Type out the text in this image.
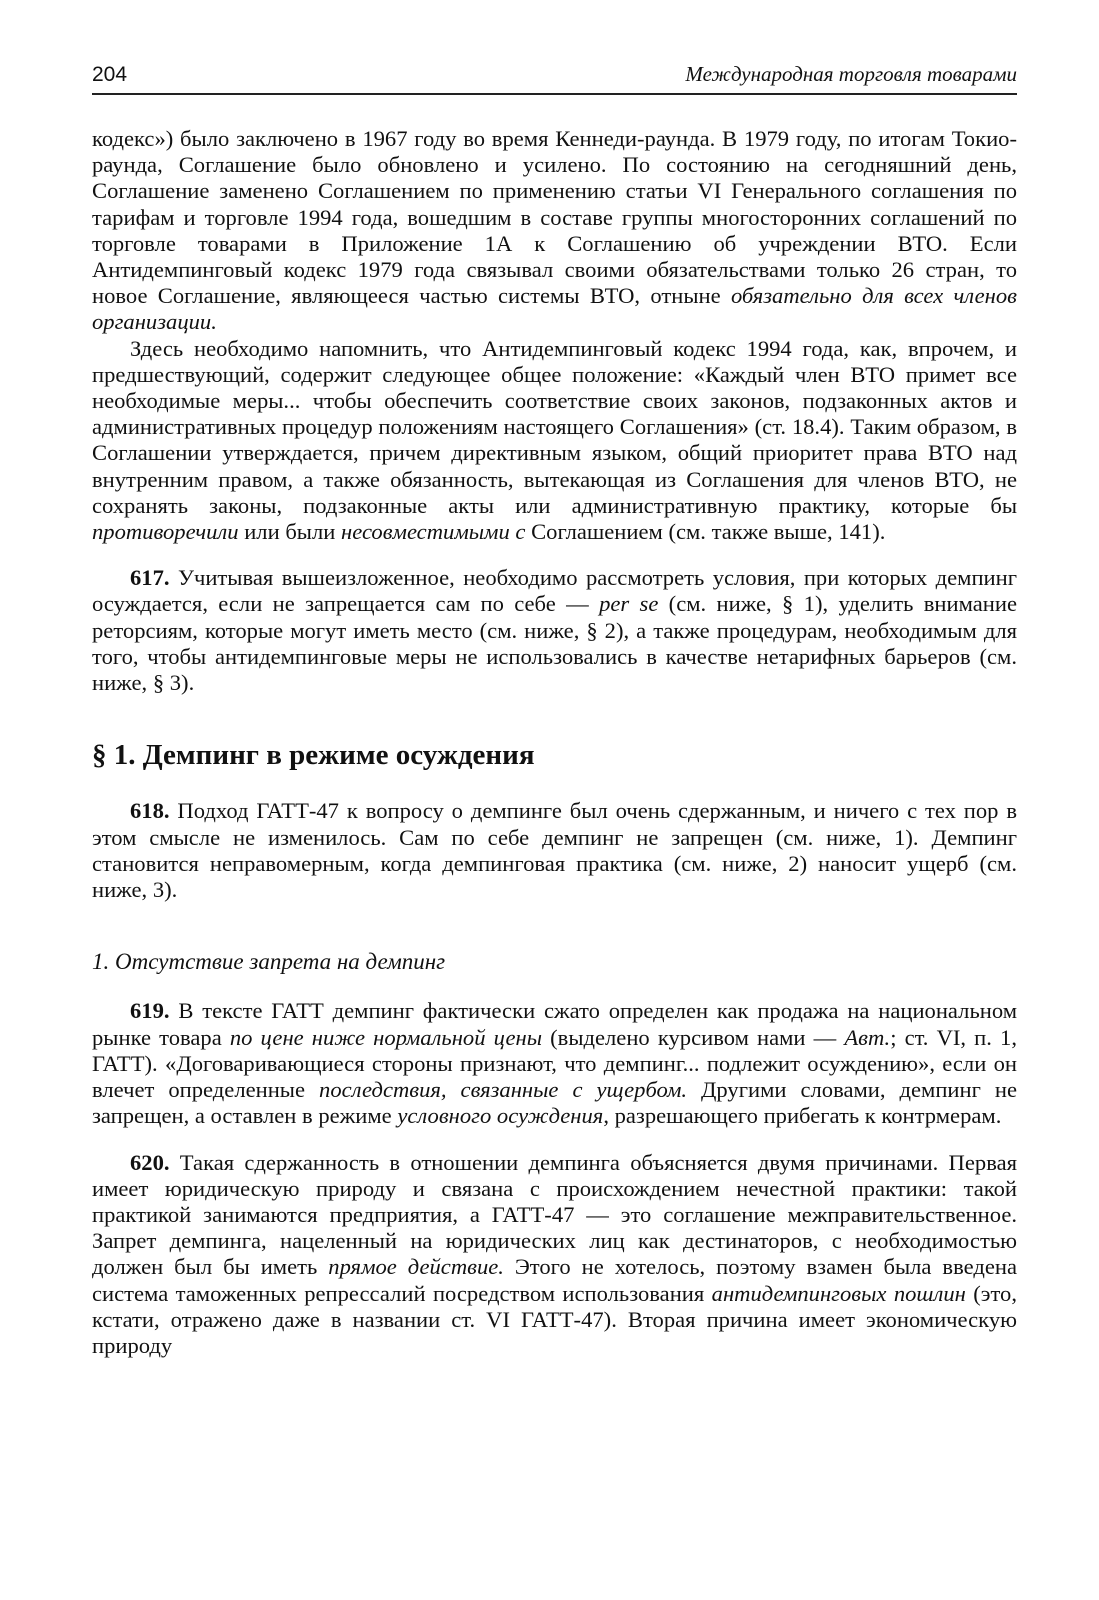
204	Международная торговля товарами

кодекс») было заключено в 1967 году во время Кеннеди-раунда. В 1979 году, по итогам Токио-раунда, Соглашение было обновлено и усилено. По состоянию на сегодняшний день, Соглашение заменено Соглашением по применению статьи VI Генерального соглашения по тарифам и торговле 1994 года, вошедшим в составе группы многосторонних соглашений по торговле товарами в Приложение 1А к Соглашению об учреждении ВТО. Если Антидемпинговый кодекс 1979 года связывал своими обязательствами только 26 стран, то новое Соглашение, являющееся частью системы ВТО, отныне обязательно для всех членов организации.

Здесь необходимо напомнить, что Антидемпинговый кодекс 1994 года, как, впрочем, и предшествующий, содержит следующее общее положение: «Каждый член ВТО примет все необходимые меры... чтобы обеспечить соответствие своих законов, подзаконных актов и административных процедур положениям настоящего Соглашения» (ст. 18.4). Таким образом, в Соглашении утверждается, причем директивным языком, общий приоритет права ВТО над внутренним правом, а также обязанность, вытекающая из Соглашения для членов ВТО, не сохранять законы, подзаконные акты или административную практику, которые бы противоречили или были несовместимыми с Соглашением (см. также выше, 141).

617. Учитывая вышеизложенное, необходимо рассмотреть условия, при которых демпинг осуждается, если не запрещается сам по себе — per se (см. ниже, § 1), уделить внимание реторсиям, которые могут иметь место (см. ниже, § 2), а также процедурам, необходимым для того, чтобы антидемпинговые меры не использовались в качестве нетарифных барьеров (см. ниже, § 3).

§ 1. Демпинг в режиме осуждения

618. Подход ГАТТ-47 к вопросу о демпинге был очень сдержанным, и ничего с тех пор в этом смысле не изменилось. Сам по себе демпинг не запрещен (см. ниже, 1). Демпинг становится неправомерным, когда демпинговая практика (см. ниже, 2) наносит ущерб (см. ниже, 3).

1. Отсутствие запрета на демпинг

619. В тексте ГАТТ демпинг фактически сжато определен как продажа на национальном рынке товара по цене ниже нормальной цены (выделено курсивом нами — Авт.; ст. VI, п. 1, ГАТТ). «Договаривающиеся стороны признают, что демпинг... подлежит осуждению», если он влечет определенные последствия, связанные с ущербом. Другими словами, демпинг не запрещен, а оставлен в режиме условного осуждения, разрешающего прибегать к контрмерам.

620. Такая сдержанность в отношении демпинга объясняется двумя причинами. Первая имеет юридическую природу и связана с происхождением нечестной практики: такой практикой занимаются предприятия, а ГАТТ-47 — это соглашение межправительственное. Запрет демпинга, нацеленный на юридических лиц как дестинаторов, с необходимостью должен был бы иметь прямое действие. Этого не хотелось, поэтому взамен была введена система таможенных репрессалий посредством использования антидемпинговых пошлин (это, кстати, отражено даже в названии ст. VI ГАТТ-47). Вторая причина имеет экономическую природу
